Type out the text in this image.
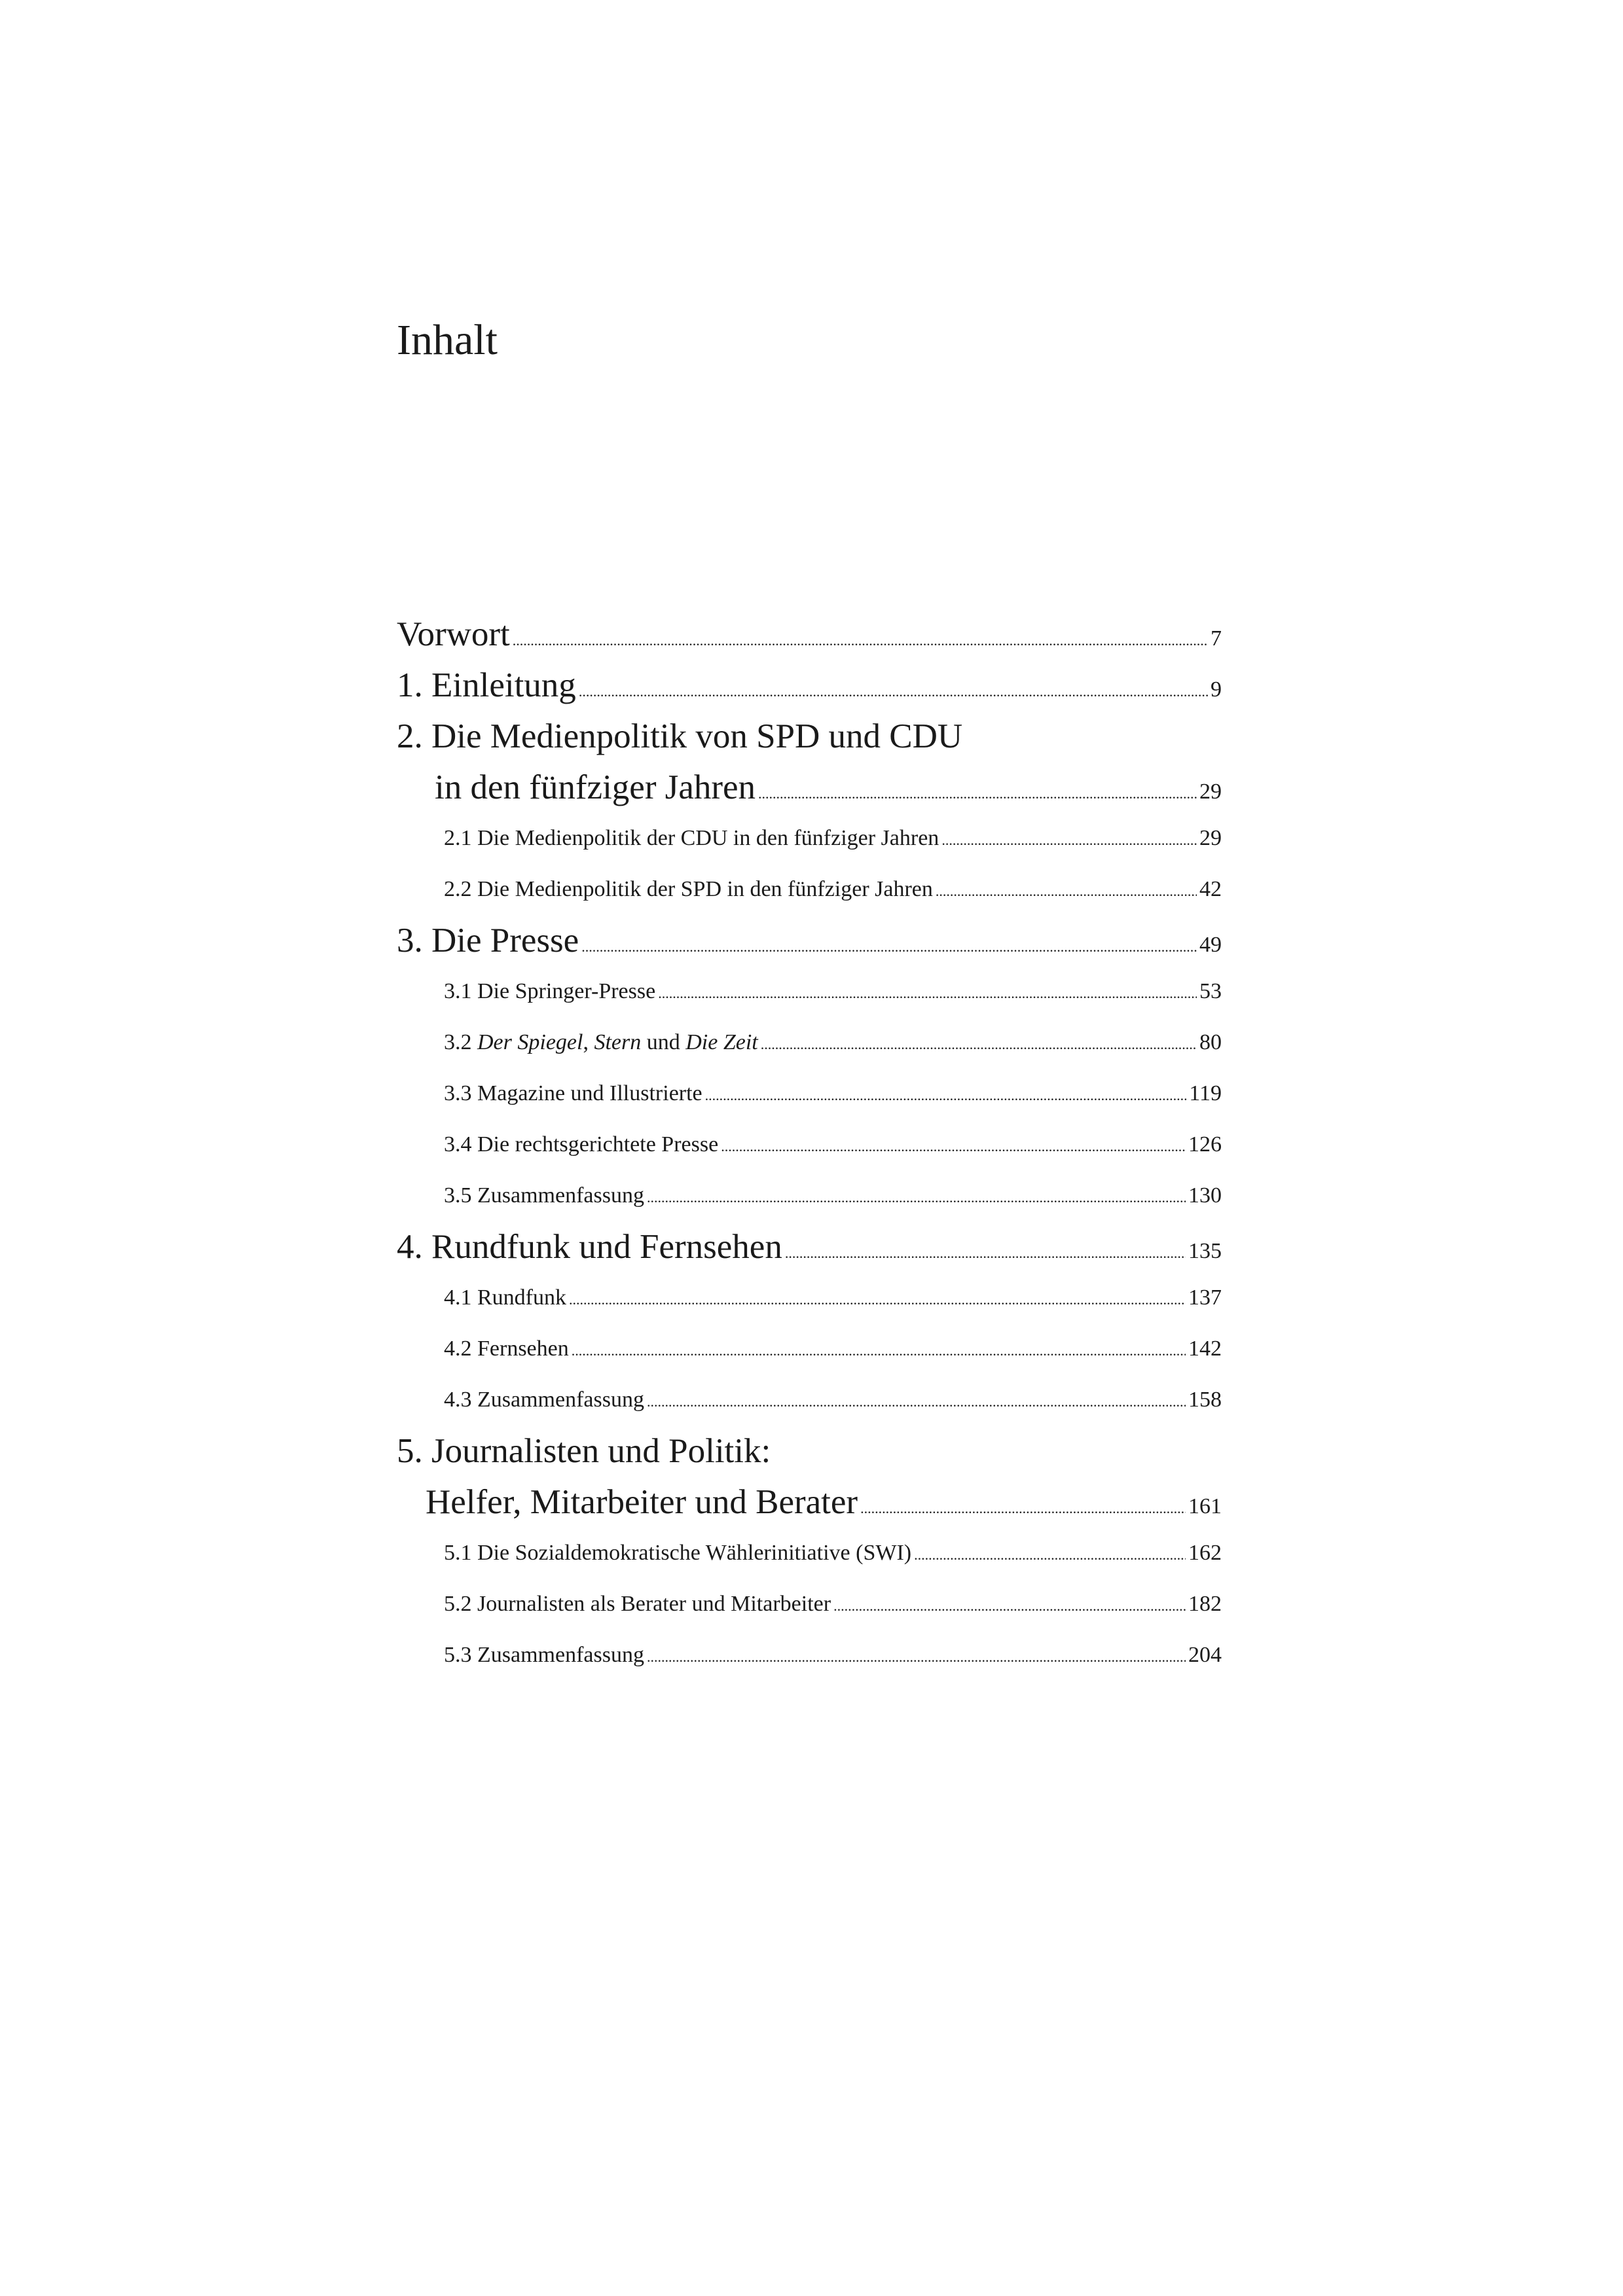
Inhalt
Vorwort .....	7
1. Einleitung .....	9
2. Die Medienpolitik von SPD und CDU
in den fünfziger Jahren .....	29
2.1 Die Medienpolitik der CDU in den fünfziger Jahren .....	29
2.2 Die Medienpolitik der SPD in den fünfziger Jahren .....	42
3. Die Presse .....	49
3.1 Die Springer-Presse .....	53
3.2 Der Spiegel, Stern und Die Zeit .....	80
3.3 Magazine und Illustrierte .....	119
3.4 Die rechtsgerichtete Presse .....	126
3.5 Zusammenfassung .....	130
4. Rundfunk und Fernsehen .....	135
4.1 Rundfunk .....	137
4.2 Fernsehen .....	142
4.3 Zusammenfassung .....	158
5. Journalisten und Politik:
Helfer, Mitarbeiter und Berater .....	161
5.1 Die Sozialdemokratische Wählerinitiative (SWI) .....	162
5.2 Journalisten als Berater und Mitarbeiter .....	182
5.3 Zusammenfassung .....	204
